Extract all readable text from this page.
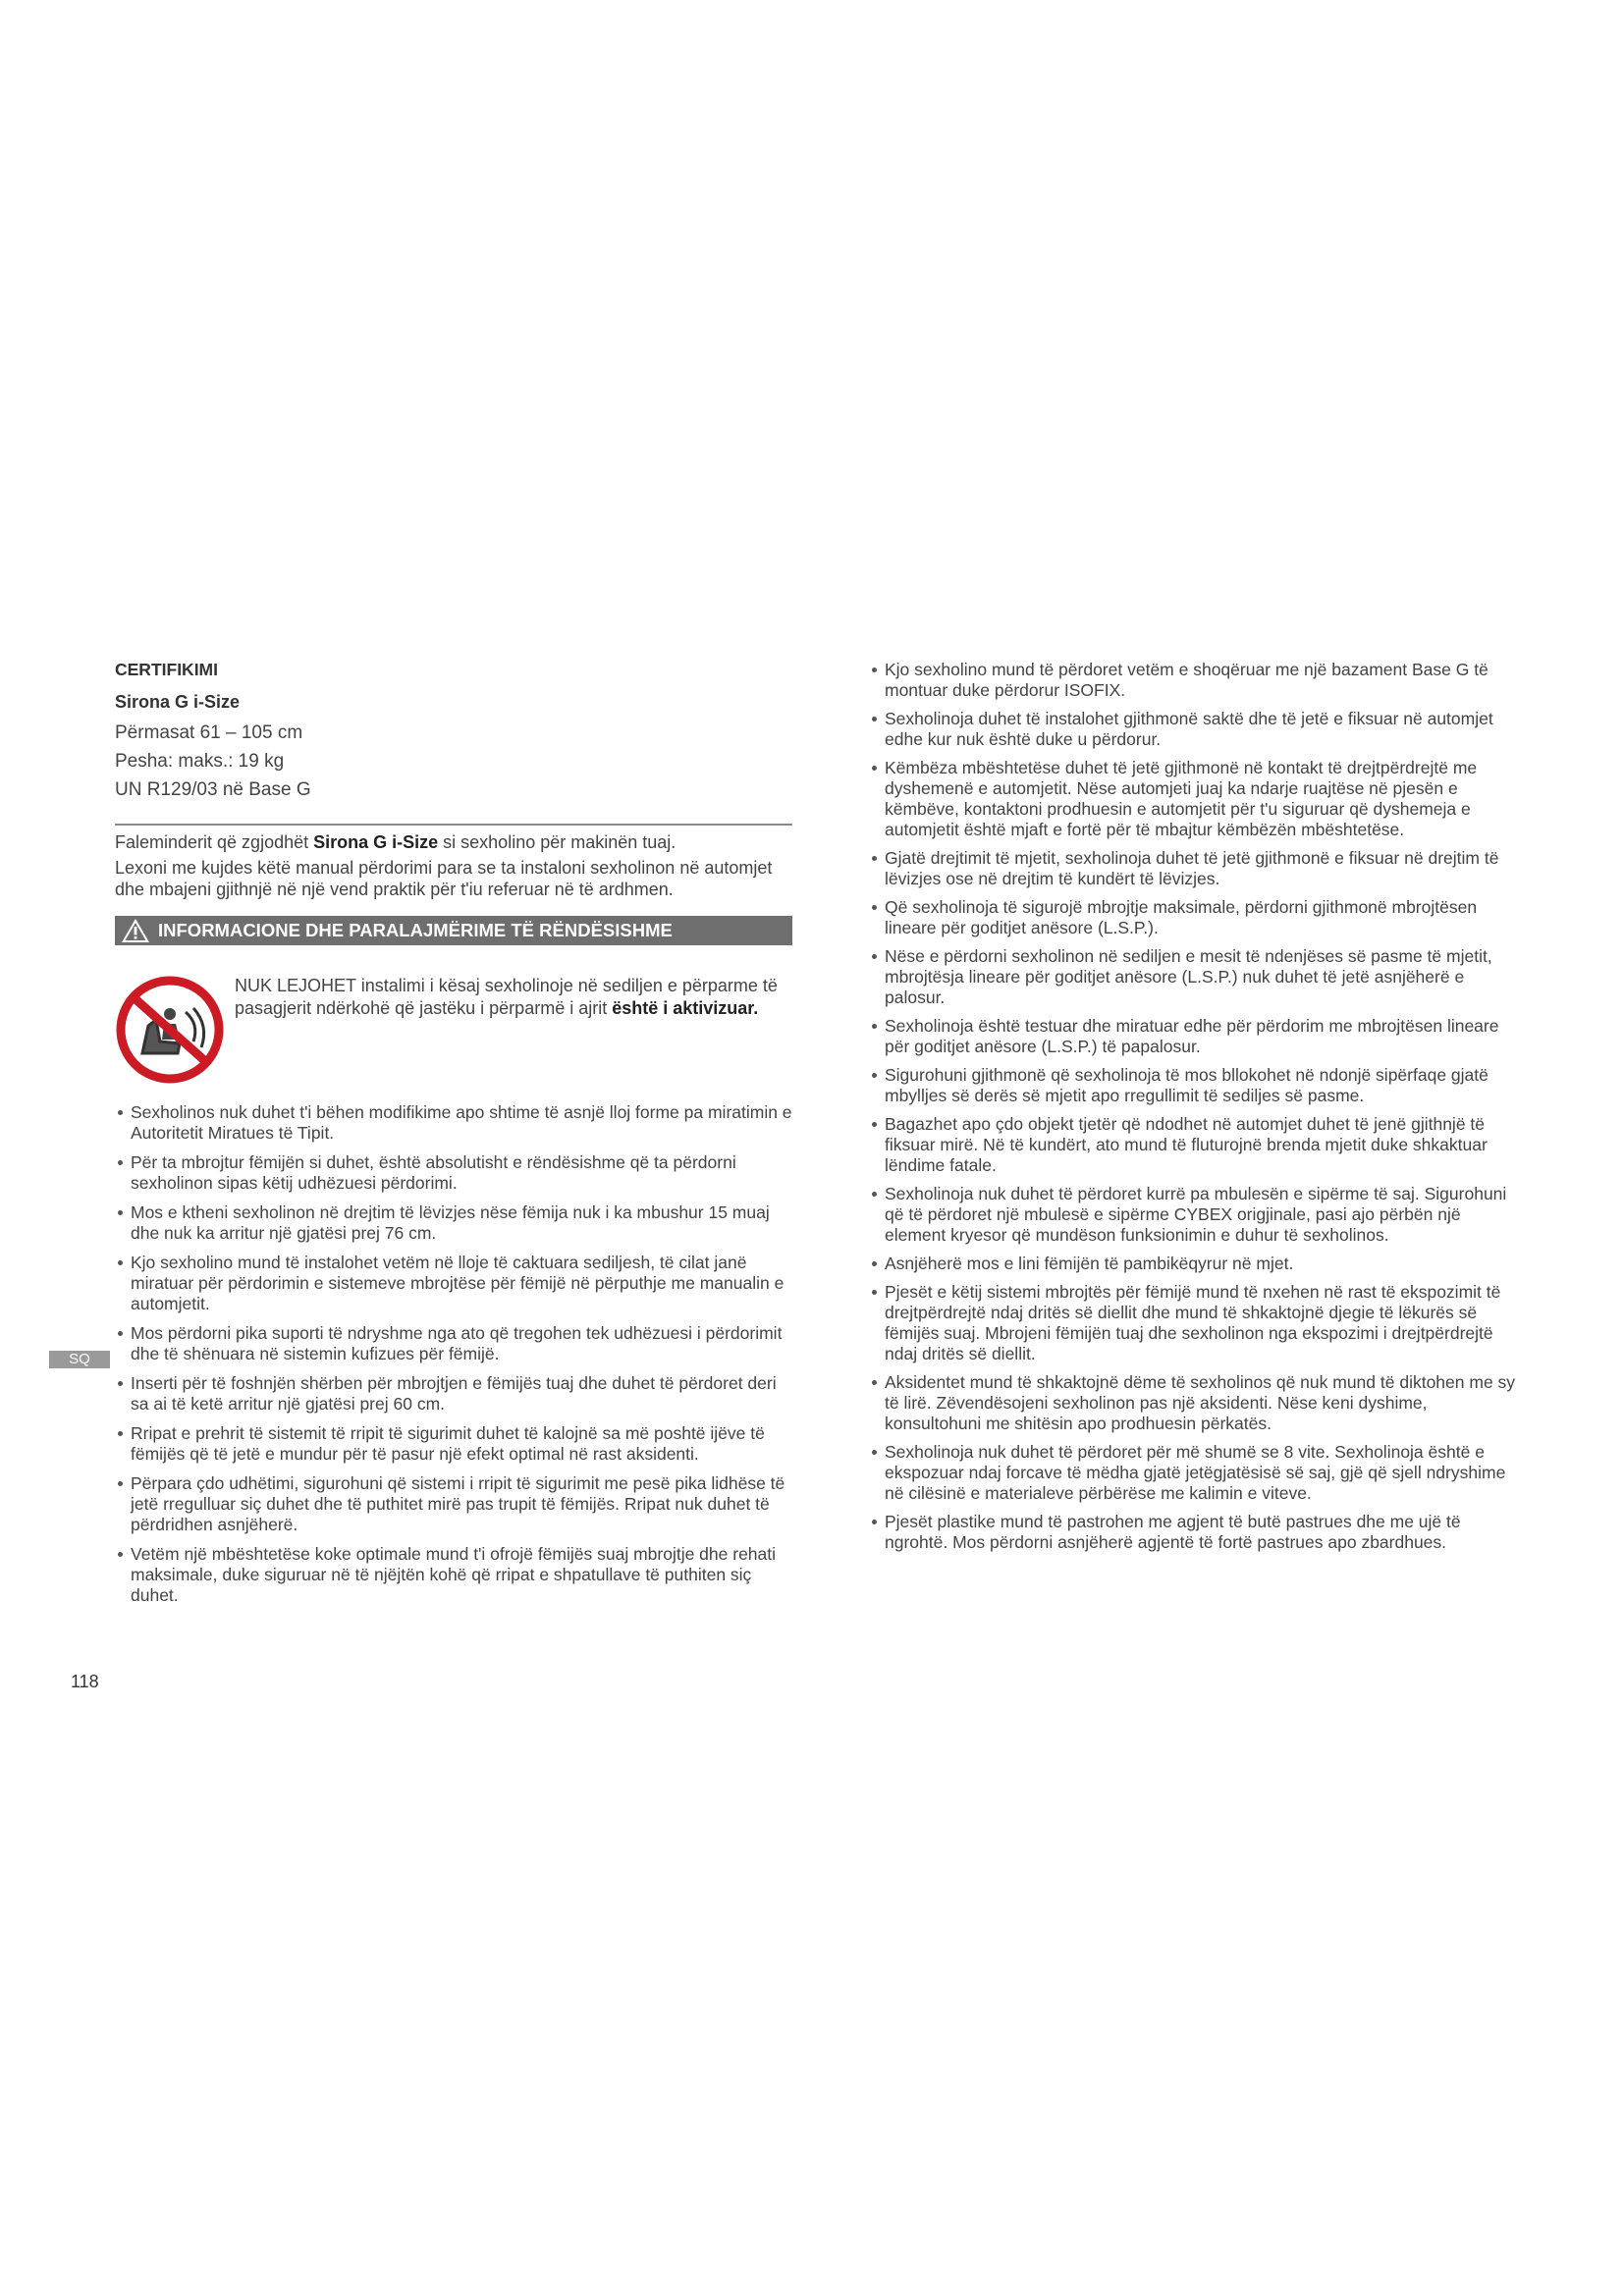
CERTIFIKIMI
Sirona G i-Size
Përmasat 61 – 105 cm
Pesha: maks.: 19 kg
UN R129/03 në Base G

Faleminderit që zgjodhët Sirona G i-Size si sexholino për makinën tuaj.

Lexoni me kujdes këtë manual përdorimi para se ta instaloni sexholinon në automjet dhe mbajeni gjithnjë në një vend praktik për t'iu referuar në të ardhmen.

INFORMACIONE DHE PARALAJMËRIME TË RËNDËSISHME
NUK LEJOHET instalimi i kësaj sexholinoje në sediljen e përparme të pasagjerit ndërkohë që jastëku i përparmë i ajrit është i aktivizuar.
Sexholinos nuk duhet t'i bëhen modifikime apo shtime të asnjë lloj forme pa miratimin e Autoritetit Miratues të Tipit.
Për ta mbrojtur fëmijën si duhet, është absolutisht e rëndësishme që ta përdorni sexholinon sipas këtij udhëzuesi përdorimi.
Mos e ktheni sexholinon në drejtim të lëvizjes nëse fëmija nuk i ka mbushur 15 muaj dhe nuk ka arritur një gjatësi prej 76 cm.
Kjo sexholino mund të instalohet vetëm në lloje të caktuara sediljesh, të cilat janë miratuar për përdorimin e sistemeve mbrojtëse për fëmijë në përputhje me manualin e automjetit.
Mos përdorni pika suporti të ndryshme nga ato që tregohen tek udhëzuesi i përdorimit dhe të shënuara në sistemin kufizues për fëmijë.
Inserti për të foshnjën shërben për mbrojtjen e fëmijës tuaj dhe duhet të përdoret deri sa ai të ketë arritur një gjatësi prej 60 cm.
Rripat e prehrit të sistemit të rripit të sigurimit duhet të kalojnë sa më poshtë ijëve të fëmijës që të jetë e mundur për të pasur një efekt optimal në rast aksidenti.
Përpara çdo udhëtimi, sigurohuni që sistemi i rripit të sigurimit me pesë pika lidhëse të jetë rregulluar siç duhet dhe të puthitet mirë pas trupit të fëmijës. Rripat nuk duhet të përdridhen asnjëherë.
Vetëm një mbështetëse koke optimale mund t'i ofrojë fëmijës suaj mbrojtje dhe rehati maksimale, duke siguruar në të njëjtën kohë që rripat e shpatullave të puthiten siç duhet.
Kjo sexholino mund të përdoret vetëm e shoqëruar me një bazament Base G të montuar duke përdorur ISOFIX.
Sexholinoja duhet të instalohet gjithmonë saktë dhe të jetë e fiksuar në automjet edhe kur nuk është duke u përdorur.
Këmbëza mbështetëse duhet të jetë gjithmonë në kontakt të drejtpërdrejtë me dyshemenë e automjetit. Nëse automjeti juaj ka ndarje ruajtëse në pjesën e këmbëve, kontaktoni prodhuesin e automjetit për t'u siguruar që dyshemeja e automjetit është mjaft e fortë për të mbajtur këmbëzën mbështetëse.
Gjatë drejtimit të mjetit, sexholinoja duhet të jetë gjithmonë e fiksuar në drejtim të lëvizjes ose në drejtim të kundërt të lëvizjes.
Që sexholinoja të sigurojë mbrojtje maksimale, përdorni gjithmonë mbrojtësen lineare për goditjet anësore (L.S.P.).
Nëse e përdorni sexholinon në sediljen e mesit të ndenjëses së pasme të mjetit, mbrojtësja lineare për goditjet anësore (L.S.P.) nuk duhet të jetë asnjëherë e palosur.
Sexholinoja është testuar dhe miratuar edhe për përdorim me mbrojtësen lineare për goditjet anësore (L.S.P.) të papalosur.
Sigurohuni gjithmonë që sexholinoja të mos bllokohet në ndonjë sipërfaqe gjatë mbylljes së derës së mjetit apo rregullimit të sediljes së pasme.
Bagazhet apo çdo objekt tjetër që ndodhet në automjet duhet të jenë gjithnjë të fiksuar mirë. Në të kundërt, ato mund të fluturojnë brenda mjetit duke shkaktuar lëndime fatale.
Sexholinoja nuk duhet të përdoret kurrë pa mbulesën e sipërme të saj. Sigurohuni që të përdoret një mbulesë e sipërme CYBEX origjinale, pasi ajo përbën një element kryesor që mundëson funksionimin e duhur të sexholinos.
Asnjëherë mos e lini fëmijën të pambikëqyrur në mjet.
Pjesët e këtij sistemi mbrojtës për fëmijë mund të nxehen në rast të ekspozimit të drejtpërdrejtë ndaj dritës së diellit dhe mund të shkaktojnë djegie të lëkurës së fëmijës suaj. Mbrojeni fëmijën tuaj dhe sexholinon nga ekspozimi i drejtpërdrejtë ndaj dritës së diellit.
Aksidentet mund të shkaktojnë dëme të sexholinos që nuk mund të diktohen me sy të lirë. Zëvendësojeni sexholinon pas një aksidenti. Nëse keni dyshime, konsultohuni me shitësin apo prodhuesin përkatës.
Sexholinoja nuk duhet të përdoret për më shumë se 8 vite. Sexholinoja është e ekspozuar ndaj forcave të mëdha gjatë jetëgjatësisë së saj, gjë që sjell ndryshime në cilësinë e materialeve përbërëse me kalimin e viteve.
Pjesët plastike mund të pastrohen me agjent të butë pastrues dhe me ujë të ngrohtë. Mos përdorni asnjëherë agjentë të fortë pastrues apo zbardhues.
SQ
118
